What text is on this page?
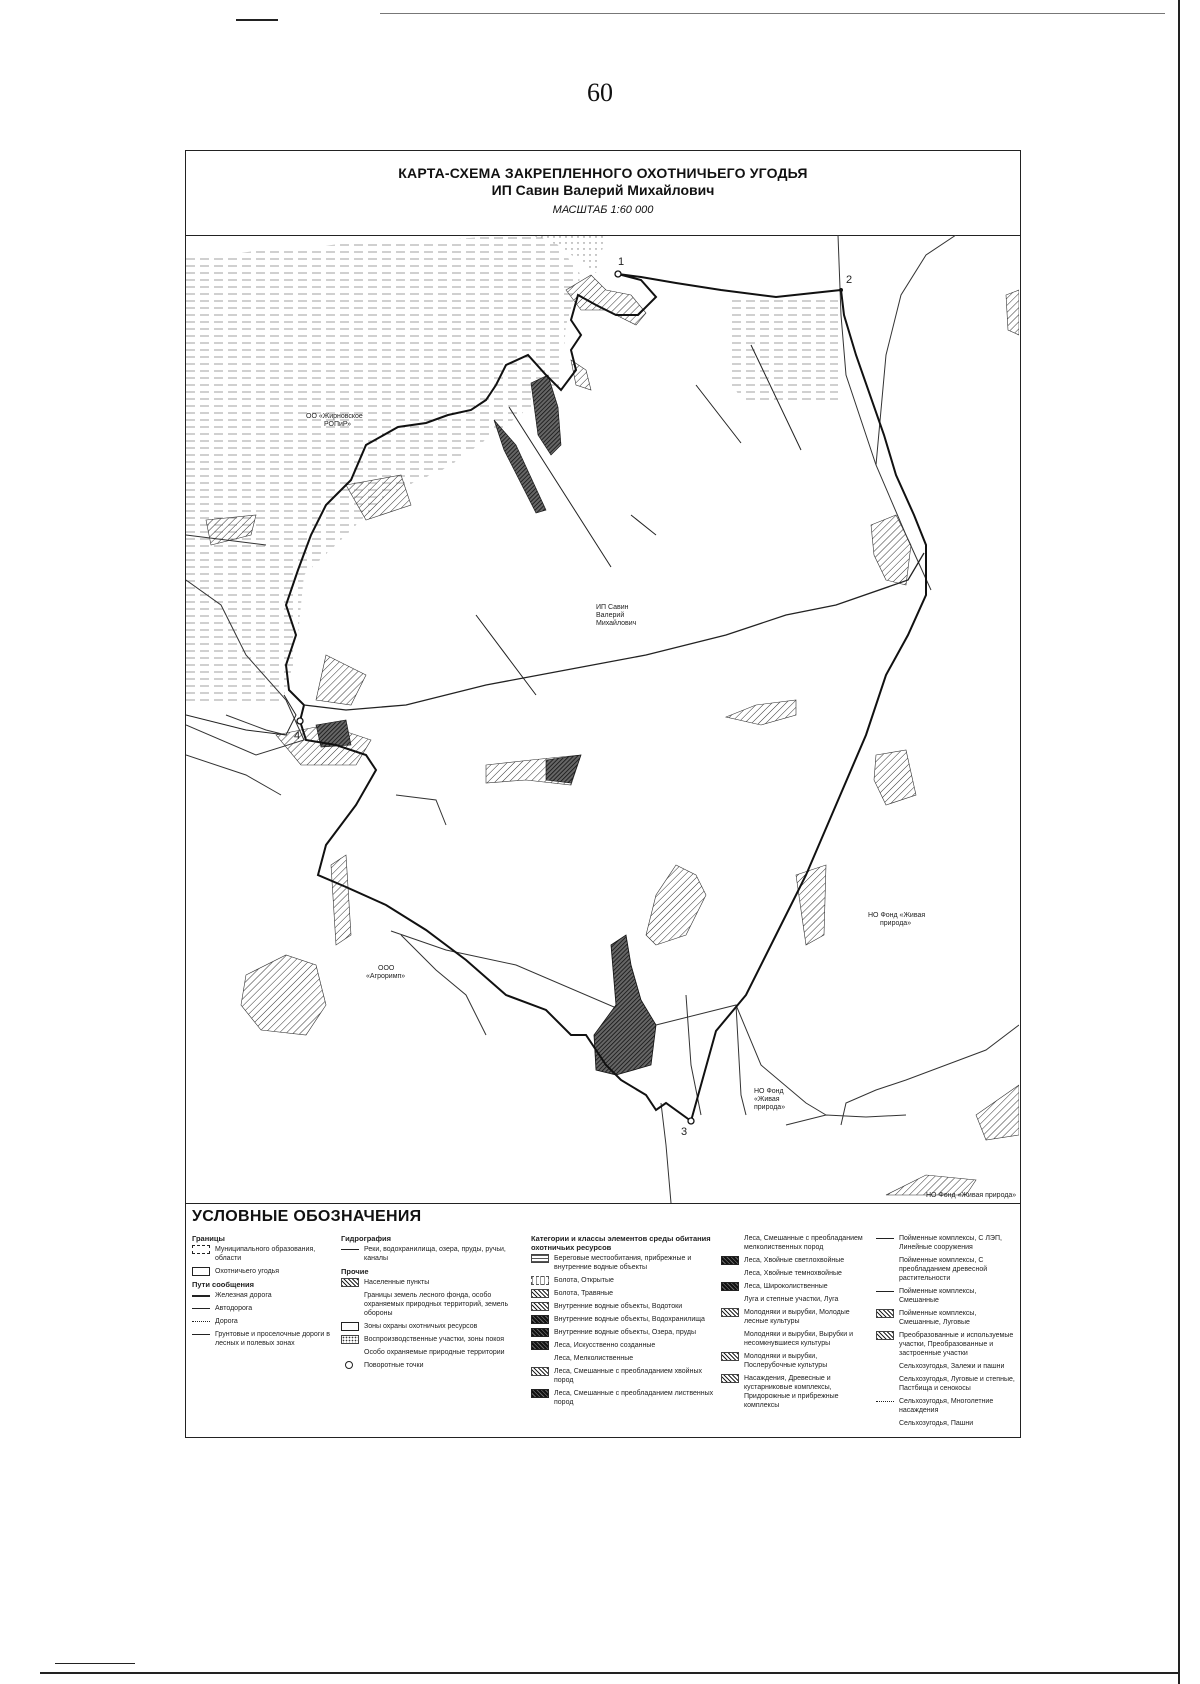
60
КАРТА-СХЕМА ЗАКРЕПЛЕННОГО ОХОТНИЧЬЕГО УГОДЬЯ
ИП Савин Валерий Михайлович
МАСШТАБ 1:60 000
1
2
3
4
ИП Савин
Валерий
Михайлович
ОО «Жирновское
РОПиР»
ООО
«Агроримп»
НО Фонд «Живая
природа»
НО Фонд
«Живая
природа»
НО Фонд «Живая природа»
УСЛОВНЫЕ ОБОЗНАЧЕНИЯ
Границы
Муниципального образования, области
Охотничьего угодья
Пути сообщения
Железная дорога
Автодорога
Дорога
Грунтовые и проселочные дороги в лесных и полевых зонах
Гидрография
Реки, водохранилища, озера, пруды, ручьи, каналы
Прочие
Населенные пункты
Границы земель лесного фонда, особо охраняемых природных территорий, земель обороны
Зоны охраны охотничьих ресурсов
Воспроизводственные участки, зоны покоя
Особо охраняемые природные территории
Поворотные точки
Категории и классы элементов среды обитания охотничьих ресурсов
Береговые местообитания, прибрежные и внутренние водные объекты
Болота, Открытые
Болота, Травяные
Внутренние водные объекты, Водотоки
Внутренние водные объекты, Водохранилища
Внутренние водные объекты, Озера, пруды
Леса, Искусственно созданные
Леса, Мелколиственные
Леса, Смешанные с преобладанием хвойных пород
Леса, Смешанные с преобладанием лиственных пород
Леса, Смешанные с преобладанием мелколиственных пород
Леса, Хвойные светлохвойные
Леса, Хвойные темнохвойные
Леса, Широколиственные
Луга и степные участки, Луга
Молодняки и вырубки, Молодые лесные культуры
Молодняки и вырубки, Вырубки и несомкнувшиеся культуры
Молодняки и вырубки, Послерубочные культуры
Насаждения, Древесные и кустарниковые комплексы, Придорожные и прибрежные комплексы
Пойменные комплексы, С ЛЭП, Линейные сооружения
Пойменные комплексы, С преобладанием древесной растительности
Пойменные комплексы, Смешанные
Пойменные комплексы, Смешанные, Луговые
Преобразованные и используемые участки, Преобразованные и застроенные участки
Сельхозугодья, Залежи и пашни
Сельхозугодья, Луговые и степные, Пастбища и сенокосы
Сельхозугодья, Многолетние насаждения
Сельхозугодья, Пашни
